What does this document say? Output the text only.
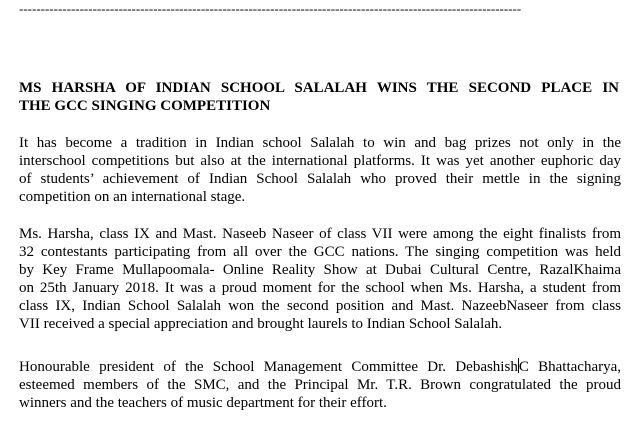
--------------------------------------------------------------------------------------------------------------------
MS HARSHA OF INDIAN SCHOOL SALALAH WINS THE SECOND PLACE IN
THE GCC SINGING COMPETITION

It has become a tradition in Indian school Salalah to win and bag prizes not only in the
interschool competitions but also at the international platforms. It was yet another euphoric day
of students’ achievement of Indian School Salalah who proved their mettle in the signing
competition on an international stage.

Ms. Harsha, class IX and Mast. Naseeb Naseer of class VII were among the eight finalists from
32 contestants participating from all over the GCC nations. The singing competition was held
by Key Frame Mullapoomala- Online Reality Show at Dubai Cultural Centre, RazalKhaima
on 25th January 2018. It was a proud moment for the school when Ms. Harsha, a student from
class IX, Indian School Salalah won the second position and Mast. NazeebNaseer from class
VII received a special appreciation and brought laurels to Indian School Salalah.

Honourable president of the School Management Committee Dr. DebashishC Bhattacharya,
esteemed members of the SMC, and the Principal Mr. T.R. Brown congratulated the proud
winners and the teachers of music department for their effort.
